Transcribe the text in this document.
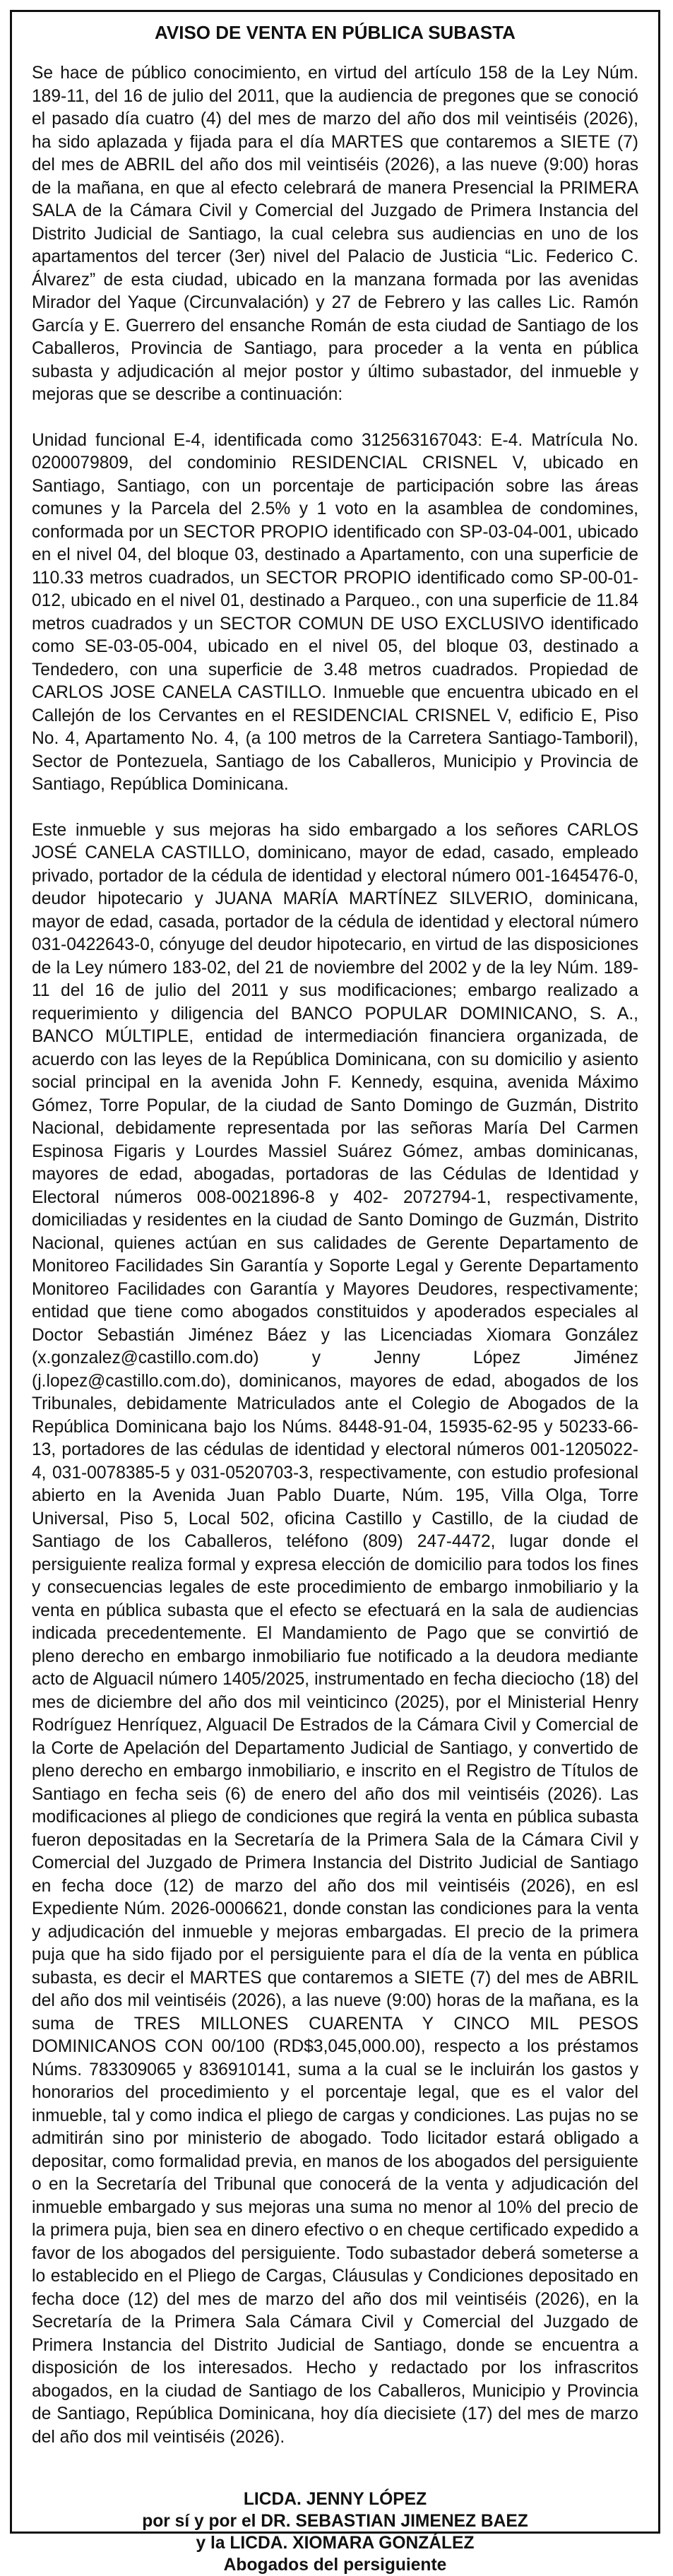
AVISO DE VENTA EN PÚBLICA SUBASTA

Se hace de público conocimiento, en virtud del artículo 158 de la Ley Núm. 189-11, del 16 de julio del 2011, que la audiencia de pregones que se conoció el pasado día cuatro (4) del mes de marzo del año dos mil veintiséis (2026), ha sido aplazada y fijada para el día MARTES que contaremos a SIETE (7) del mes de ABRIL del año dos mil veintiséis (2026), a las nueve (9:00) horas de la mañana, en que al efecto celebrará de manera Presencial la PRIMERA SALA de la Cámara Civil y Comercial del Juzgado de Primera Instancia del Distrito Judicial de Santiago, la cual celebra sus audiencias en uno de los apartamentos del tercer (3er) nivel del Palacio de Justicia “Lic. Federico C. Álvarez” de esta ciudad, ubicado en la manzana formada por las avenidas Mirador del Yaque (Circunvalación) y 27 de Febrero y las calles Lic. Ramón García y E. Guerrero del ensanche Román de esta ciudad de Santiago de los Caballeros, Provincia de Santiago, para proceder a la venta en pública subasta y adjudicación al mejor postor y último subastador, del inmueble y mejoras que se describe a continuación:

Unidad funcional E-4, identificada como 312563167043: E-4. Matrícula No. 0200079809, del condominio RESIDENCIAL CRISNEL V, ubicado en Santiago, Santiago, con un porcentaje de participación sobre las áreas comunes y la Parcela del 2.5% y 1 voto en la asamblea de condomines, conformada por un SECTOR PROPIO identificado con SP-03-04-001, ubicado en el nivel 04, del bloque 03, destinado a Apartamento, con una superficie de 110.33 metros cuadrados, un SECTOR PROPIO identificado como SP-00-01-012, ubicado en el nivel 01, destinado a Parqueo., con una superficie de 11.84 metros cuadrados y un SECTOR COMUN DE USO EXCLUSIVO identificado como SE-03-05-004, ubicado en el nivel 05, del bloque 03, destinado a Tendedero, con una superficie de 3.48 metros cuadrados. Propiedad de CARLOS JOSE CANELA CASTILLO. Inmueble que encuentra ubicado en el Callejón de los Cervantes en el RESIDENCIAL CRISNEL V, edificio E, Piso No. 4, Apartamento No. 4, (a 100 metros de la Carretera Santiago-Tamboril), Sector de Pontezuela, Santiago de los Caballeros, Municipio y Provincia de Santiago, República Dominicana.

Este inmueble y sus mejoras ha sido embargado a los señores CARLOS JOSÉ CANELA CASTILLO, dominicano, mayor de edad, casado, empleado privado, portador de la cédula de identidad y electoral número 001-1645476-0, deudor hipotecario y JUANA MARÍA MARTÍNEZ SILVERIO, dominicana, mayor de edad, casada, portador de la cédula de identidad y electoral número 031-0422643-0, cónyuge del deudor hipotecario, en virtud de las disposiciones de la Ley número 183-02, del 21 de noviembre del 2002 y de la ley Núm. 189-11 del 16 de julio del 2011 y sus modificaciones; embargo realizado a requerimiento y diligencia del BANCO POPULAR DOMINICANO, S. A., BANCO MÚLTIPLE, entidad de intermediación financiera organizada, de acuerdo con las leyes de la República Dominicana, con su domicilio y asiento social principal en la avenida John F. Kennedy, esquina, avenida Máximo Gómez, Torre Popular, de la ciudad de Santo Domingo de Guzmán, Distrito Nacional, debidamente representada por las señoras María Del Carmen Espinosa Figaris y Lourdes Massiel Suárez Gómez, ambas dominicanas, mayores de edad, abogadas, portadoras de las Cédulas de Identidad y Electoral números 008-0021896-8 y 402- 2072794-1, respectivamente, domiciliadas y residentes en la ciudad de Santo Domingo de Guzmán, Distrito Nacional, quienes actúan en sus calidades de Gerente Departamento de Monitoreo Facilidades Sin Garantía y Soporte Legal y Gerente Departamento Monitoreo Facilidades con Garantía y Mayores Deudores, respectivamente; entidad que tiene como abogados constituidos y apoderados especiales al Doctor Sebastián Jiménez Báez y las Licenciadas Xiomara González (x.gonzalez@castillo.com.do) y Jenny López Jiménez (j.lopez@castillo.com.do), dominicanos, mayores de edad, abogados de los Tribunales, debidamente Matriculados ante el Colegio de Abogados de la República Dominicana bajo los Núms. 8448-91-04, 15935-62-95 y 50233-66-13, portadores de las cédulas de identidad y electoral números 001-1205022-4, 031-0078385-5 y 031-0520703-3, respectivamente, con estudio profesional abierto en la Avenida Juan Pablo Duarte, Núm. 195, Villa Olga, Torre Universal, Piso 5, Local 502, oficina Castillo y Castillo, de la ciudad de Santiago de los Caballeros, teléfono (809) 247-4472, lugar donde el persiguiente realiza formal y expresa elección de domicilio para todos los fines y consecuencias legales de este procedimiento de embargo inmobiliario y la venta en pública subasta que el efecto se efectuará en la sala de audiencias indicada precedentemente. El Mandamiento de Pago que se convirtió de pleno derecho en embargo inmobiliario fue notificado a la deudora mediante acto de Alguacil número 1405/2025, instrumentado en fecha dieciocho (18) del mes de diciembre del año dos mil veinticinco (2025), por el Ministerial Henry Rodríguez Henríquez, Alguacil De Estrados de la Cámara Civil y Comercial de la Corte de Apelación del Departamento Judicial de Santiago, y convertido de pleno derecho en embargo inmobiliario, e inscrito en el Registro de Títulos de Santiago en fecha seis (6) de enero del año dos mil veintiséis (2026). Las modificaciones al pliego de condiciones que regirá la venta en pública subasta fueron depositadas en la Secretaría de la Primera Sala de la Cámara Civil y Comercial del Juzgado de Primera Instancia del Distrito Judicial de Santiago en fecha doce (12) de marzo del año dos mil veintiséis (2026), en esl Expediente Núm. 2026-0006621, donde constan las condiciones para la venta y adjudicación del inmueble y mejoras embargadas. El precio de la primera puja que ha sido fijado por el persiguiente para el día de la venta en pública subasta, es decir el MARTES que contaremos a SIETE (7) del mes de ABRIL del año dos mil veintiséis (2026), a las nueve (9:00) horas de la mañana, es la suma de TRES MILLONES CUARENTA Y CINCO MIL PESOS DOMINICANOS CON 00/100 (RD$3,045,000.00), respecto a los préstamos Núms. 783309065 y 836910141, suma a la cual se le incluirán los gastos y honorarios del procedimiento y el porcentaje legal, que es el valor del inmueble, tal y como indica el pliego de cargas y condiciones. Las pujas no se admitirán sino por ministerio de abogado. Todo licitador estará obligado a depositar, como formalidad previa, en manos de los abogados del persiguiente o en la Secretaría del Tribunal que conocerá de la venta y adjudicación del inmueble embargado y sus mejoras una suma no menor al 10% del precio de la primera puja, bien sea en dinero efectivo o en cheque certificado expedido a favor de los abogados del persiguiente. Todo subastador deberá someterse a lo establecido en el Pliego de Cargas, Cláusulas y Condiciones depositado en fecha doce (12) del mes de marzo del año dos mil veintiséis (2026), en la Secretaría de la Primera Sala Cámara Civil y Comercial del Juzgado de Primera Instancia del Distrito Judicial de Santiago, donde se encuentra a disposición de los interesados. Hecho y redactado por los infrascritos abogados, en la ciudad de Santiago de los Caballeros, Municipio y Provincia de Santiago, República Dominicana, hoy día diecisiete (17) del mes de marzo del año dos mil veintiséis (2026).

LICDA. JENNY LÓPEZ
por sí y por el DR. SEBASTIAN JIMENEZ BAEZ
y la LICDA. XIOMARA GONZÁLEZ
Abogados del persiguiente
